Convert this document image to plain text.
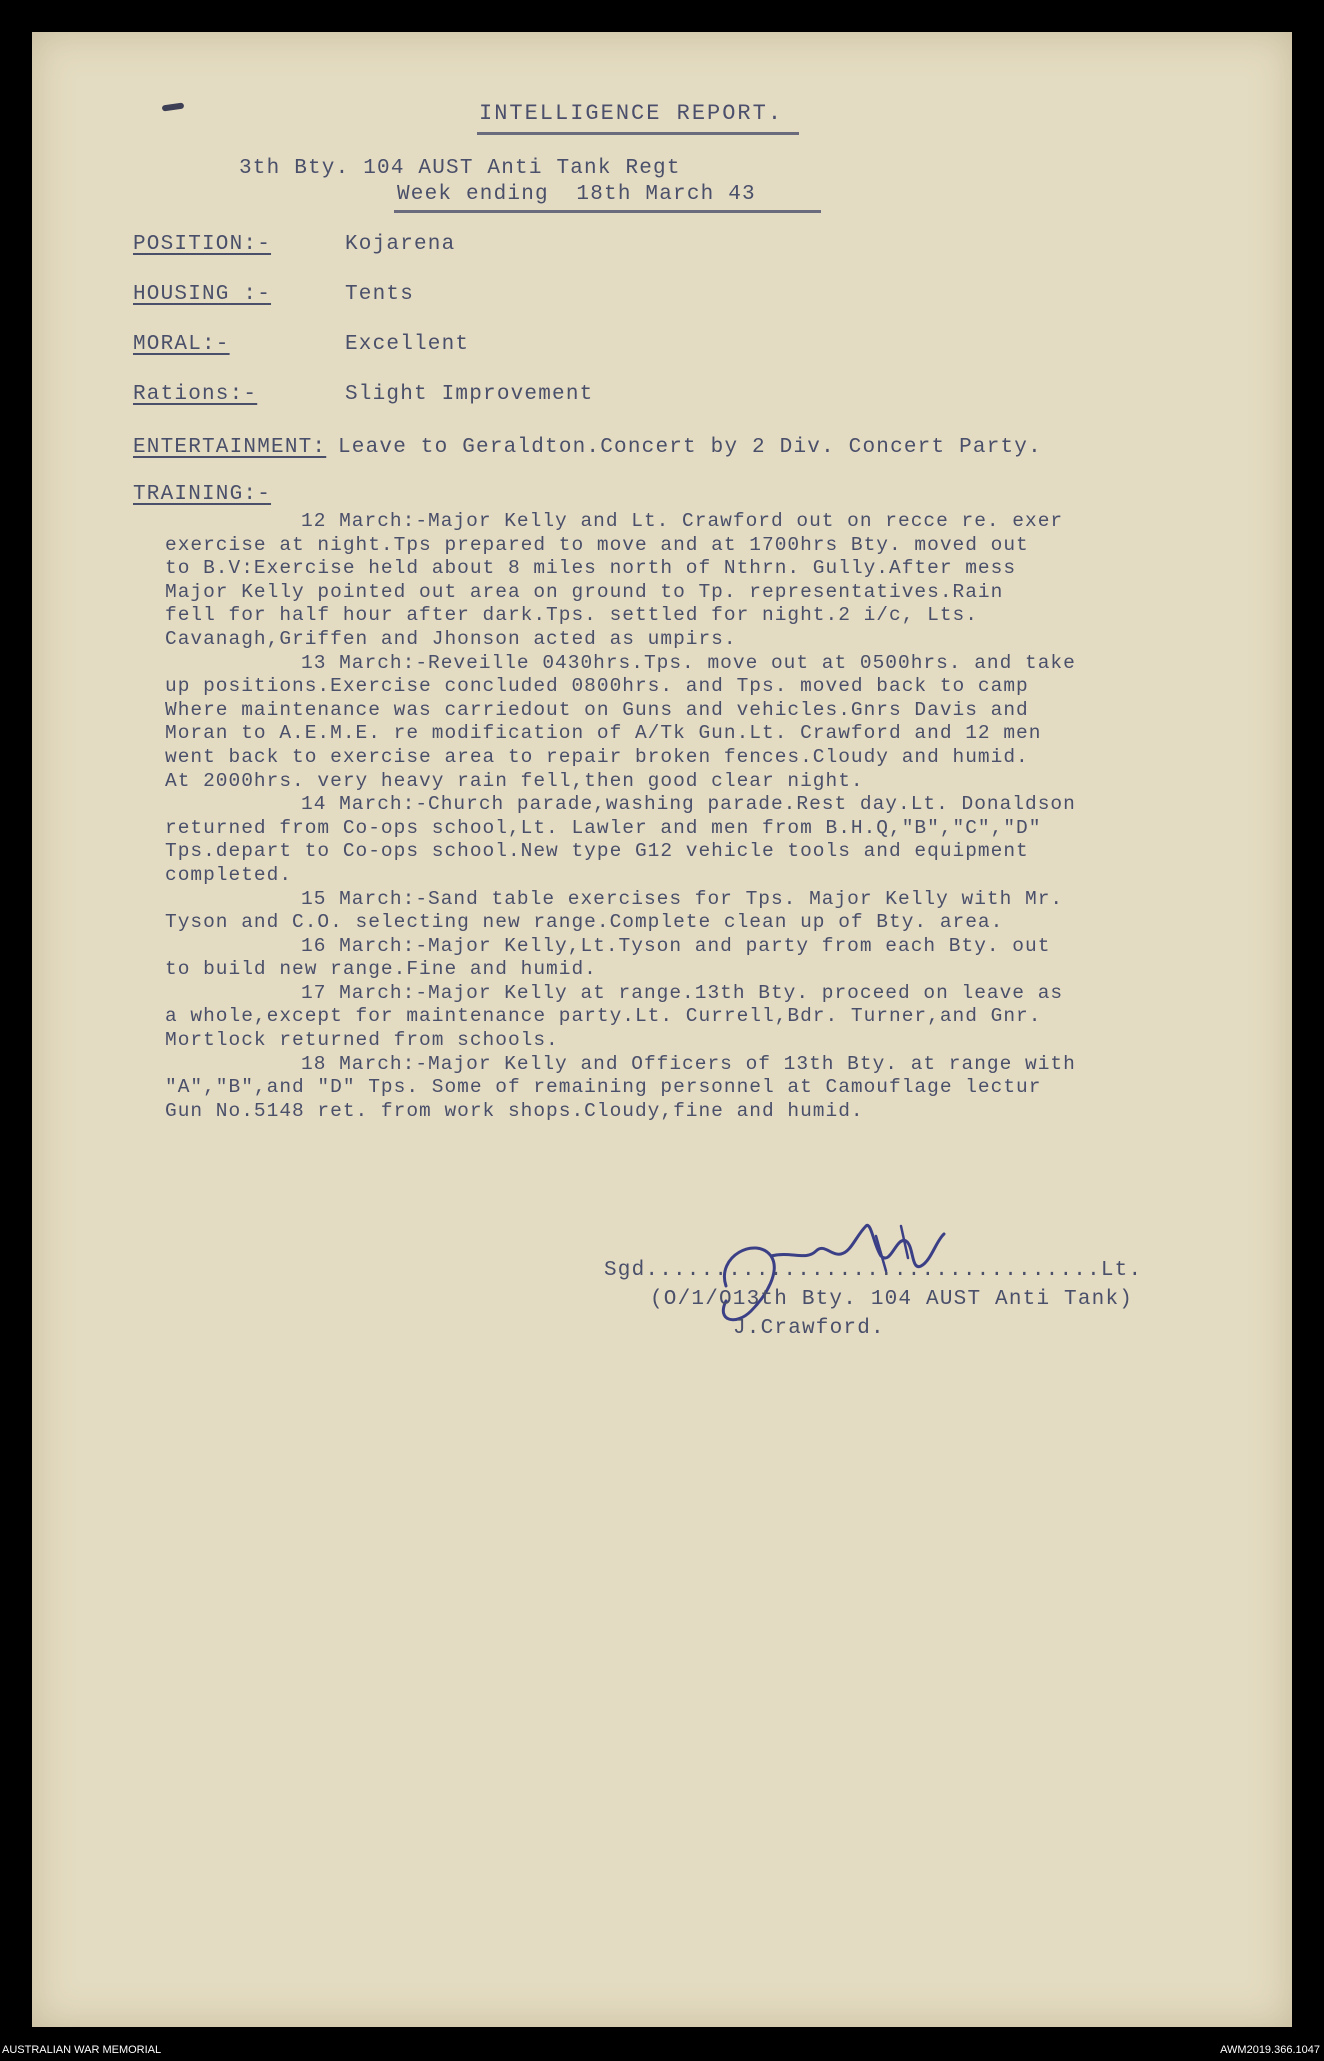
INTELLIGENCE REPORT.
3th Bty. 104 AUST Anti Tank Regt
Week ending  18th March 43
POSITION:-	Kojarena
HOUSING :-	Tents
MORAL:-	Excellent
Rations:-	Slight Improvement
ENTERTAINMENT: Leave to Geraldton.Concert by 2 Div. Concert Party.
TRAINING:-

12 March:-Major Kelly and Lt. Crawford out on recce re. exer

exercise at night.Tps prepared to move and at 1700hrs Bty. moved out

to B.V:Exercise held about 8 miles north of Nthrn. Gully.After mess

Major Kelly pointed out area on ground to Tp. representatives.Rain

fell for half hour after dark.Tps. settled for night.2 i/c, Lts.

Cavanagh,Griffen and Jhonson acted as umpirs.

13 March:-Reveille 0430hrs.Tps. move out at 0500hrs. and take

up positions.Exercise concluded 0800hrs. and Tps. moved back to camp

Where maintenance was carriedout on Guns and vehicles.Gnrs Davis and

Moran to A.E.M.E. re modification of A/Tk Gun.Lt. Crawford and 12 men

went back to exercise area to repair broken fences.Cloudy and humid.

At 2000hrs. very heavy rain fell,then good clear night.

14 March:-Church parade,washing parade.Rest day.Lt. Donaldson

returned from Co-ops school,Lt. Lawler and men from B.H.Q,"B","C","D"

Tps.depart to Co-ops school.New type G12 vehicle tools and equipment

completed.

15 March:-Sand table exercises for Tps. Major Kelly with Mr.

Tyson and C.O. selecting new range.Complete clean up of Bty. area.

16 March:-Major Kelly,Lt.Tyson and party from each Bty. out

to build new range.Fine and humid.

17 March:-Major Kelly at range.13th Bty. proceed on leave as

a whole,except for maintenance party.Lt. Currell,Bdr. Turner,and Gnr.

Mortlock returned from schools.

18 March:-Major Kelly and Officers of 13th Bty. at range with

"A","B",and "D" Tps. Some of remaining personnel at Camouflage lectur

Gun No.5148 ret. from work shops.Cloudy,fine and humid.

Sgd.................................Lt.
(O/1/O13th Bty. 104 AUST Anti Tank)
J.Crawford.
AUSTRALIAN WAR MEMORIAL	AWM2019.366.1047
